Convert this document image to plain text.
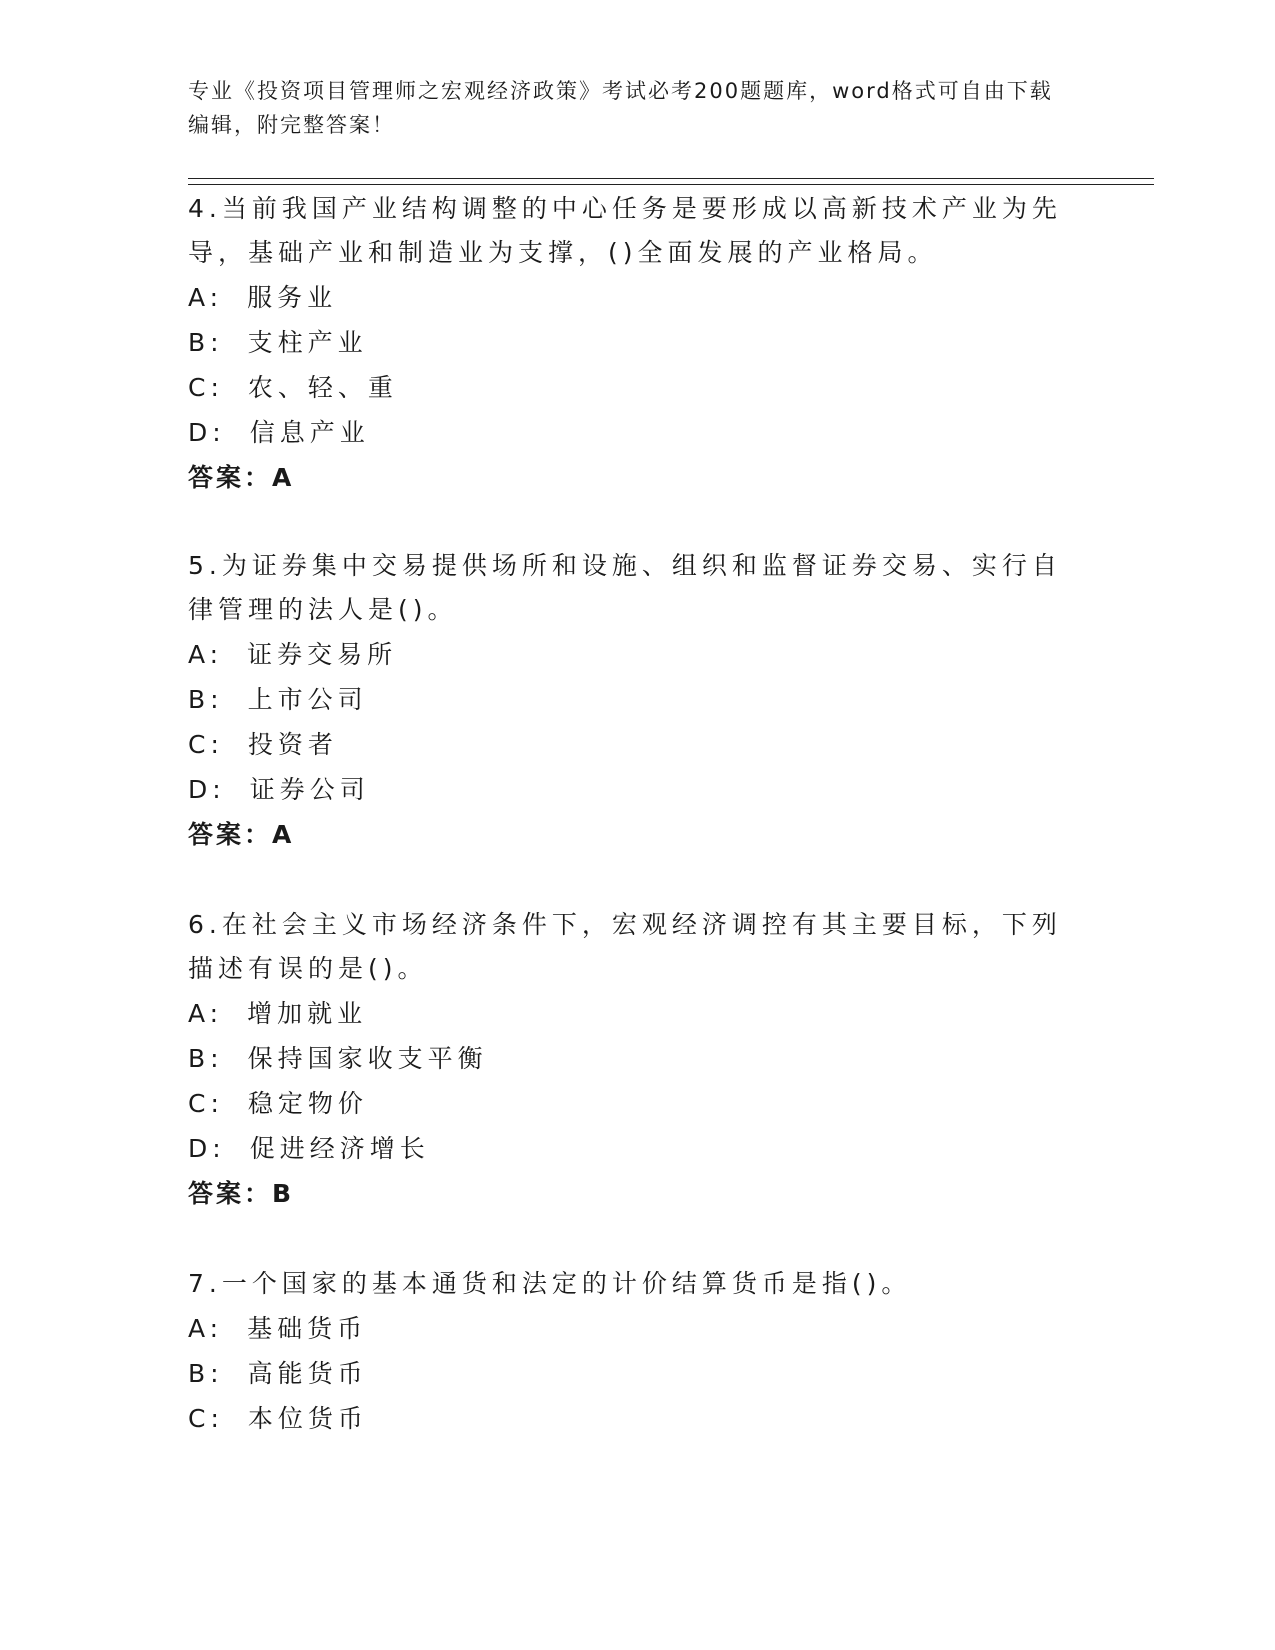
专业《投资项目管理师之宏观经济政策》考试必考200题题库，word格式可自由下载编辑，附完整答案！
4.当前我国产业结构调整的中心任务是要形成以高新技术产业为先导，基础产业和制造业为支撑，()全面发展的产业格局。
A: 服务业
B: 支柱产业
C: 农、轻、重
D: 信息产业
答案：A
5.为证券集中交易提供场所和设施、组织和监督证券交易、实行自律管理的法人是()。
A: 证券交易所
B: 上市公司
C: 投资者
D: 证券公司
答案：A
6.在社会主义市场经济条件下，宏观经济调控有其主要目标，下列描述有误的是()。
A: 增加就业
B: 保持国家收支平衡
C: 稳定物价
D: 促进经济增长
答案：B
7.一个国家的基本通货和法定的计价结算货币是指()。
A: 基础货币
B: 高能货币
C: 本位货币
